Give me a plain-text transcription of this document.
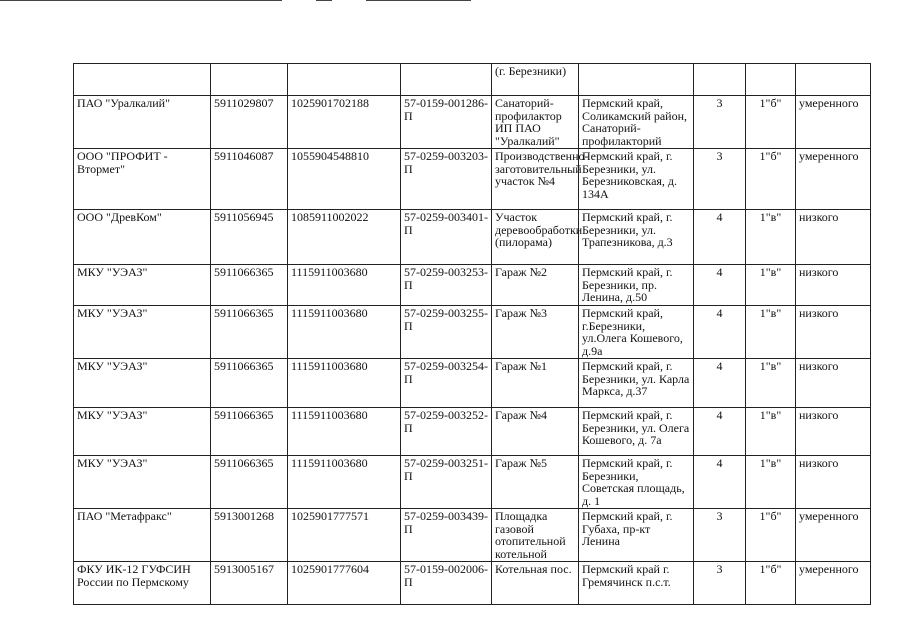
				(г. Березники)				
ПАО "Уралкалий"	5911029807	1025901702188	57-0159-001286-П	Санаторий-профилактор ИП ПАО "Уралкалий"	Пермский край, Соликамский район, Санаторий-профилакторий	3	1"б"	умеренного
ООО "ПРОФИТ - Втормет"	5911046087	1055904548810	57-0259-003203-П	Производственно-заготовительный участок №4	Пермский край, г. Березники, ул. Березниковская, д. 134А	3	1"б"	умеренного
ООО "ДревКом"	5911056945	1085911002022	57-0259-003401-П	Участок деревообработки (пилорама)	Пермский край, г. Березники, ул. Трапезникова, д.3	4	1"в"	низкого
МКУ "УЭАЗ"	5911066365	1115911003680	57-0259-003253-П	Гараж №2	Пермский край, г. Березники, пр. Ленина, д.50	4	1"в"	низкого
МКУ "УЭАЗ"	5911066365	1115911003680	57-0259-003255-П	Гараж №3	Пермский край, г.Березники, ул.Олега Кошевого, д.9а	4	1"в"	низкого
МКУ "УЭАЗ"	5911066365	1115911003680	57-0259-003254-П	Гараж №1	Пермский край, г. Березники, ул. Карла Маркса, д.37	4	1"в"	низкого
МКУ "УЭАЗ"	5911066365	1115911003680	57-0259-003252-П	Гараж №4	Пермский край, г. Березники, ул. Олега Кошевого, д. 7а	4	1"в"	низкого
МКУ "УЭАЗ"	5911066365	1115911003680	57-0259-003251-П	Гараж №5	Пермский край, г. Березники, Советская площадь, д. 1	4	1"в"	низкого
ПАО "Метафракс"	5913001268	1025901777571	57-0259-003439-П	Площадка газовой отопительной котельной	Пермский край, г. Губаха, пр-кт Ленина	3	1"б"	умеренного
ФКУ ИК-12 ГУФСИН России по Пермскому	5913005167	1025901777604	57-0159-002006-П	Котельная пос.	Пермский край г. Гремячинск п.с.т.	3	1"б"	умеренного
